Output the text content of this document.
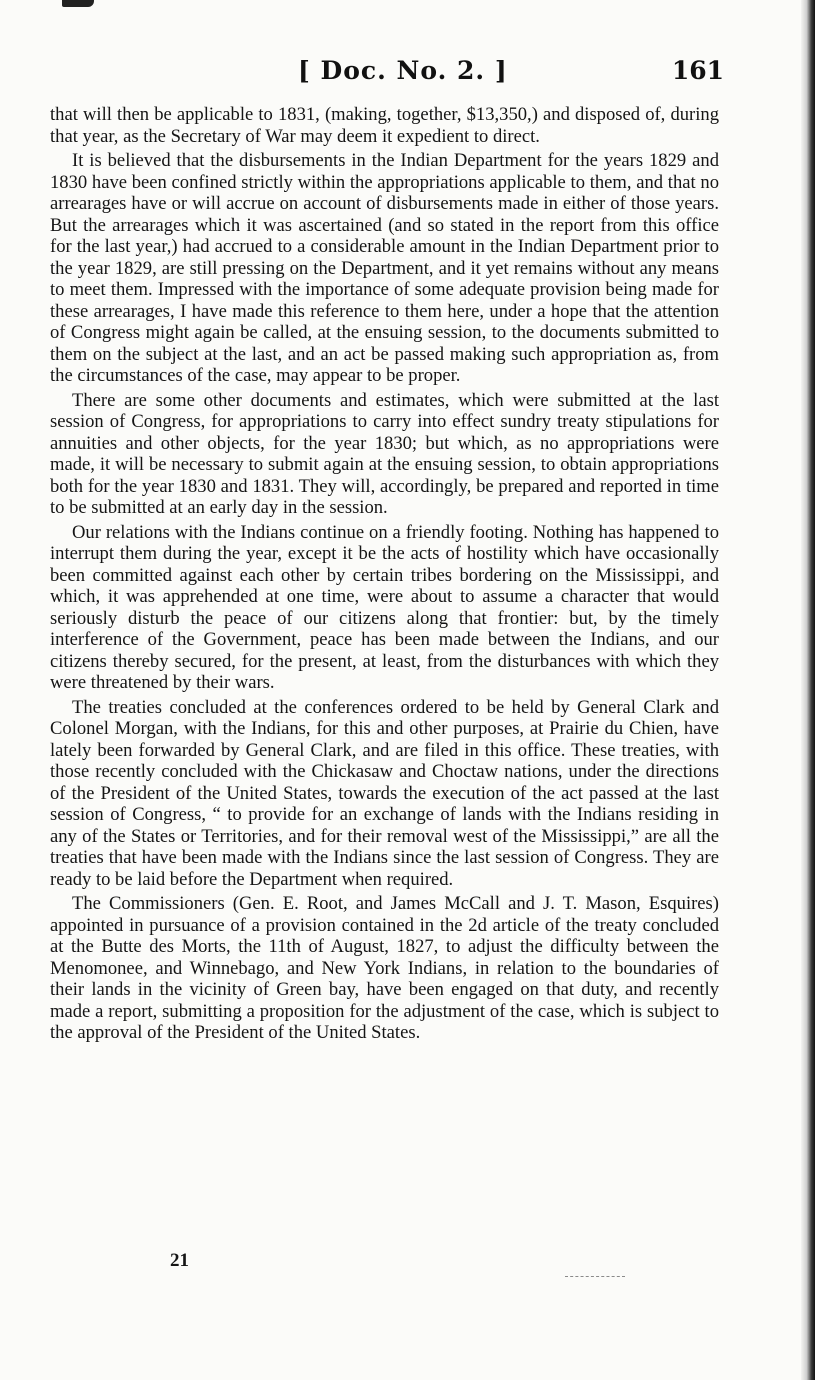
[ Doc. No. 2. ]	161

that will then be applicable to 1831, (making, together, $13,350,) and disposed of, during that year, as the Secretary of War may deem it expedient to direct.

It is believed that the disbursements in the Indian Department for the years 1829 and 1830 have been confined strictly within the appropriations applicable to them, and that no arrearages have or will accrue on account of disbursements made in either of those years. But the arrearages which it was ascertained (and so stated in the report from this office for the last year,) had accrued to a considerable amount in the Indian Department prior to the year 1829, are still pressing on the Department, and it yet remains without any means to meet them. Impressed with the importance of some adequate provision being made for these arrearages, I have made this reference to them here, under a hope that the attention of Congress might again be called, at the ensuing session, to the documents submitted to them on the subject at the last, and an act be passed making such appropriation as, from the circumstances of the case, may appear to be proper.

There are some other documents and estimates, which were submitted at the last session of Congress, for appropriations to carry into effect sundry treaty stipulations for annuities and other objects, for the year 1830; but which, as no appropriations were made, it will be necessary to submit again at the ensuing session, to obtain appropriations both for the year 1830 and 1831. They will, accordingly, be prepared and reported in time to be submitted at an early day in the session.

Our relations with the Indians continue on a friendly footing. Nothing has happened to interrupt them during the year, except it be the acts of hostility which have occasionally been committed against each other by certain tribes bordering on the Mississippi, and which, it was apprehended at one time, were about to assume a character that would seriously disturb the peace of our citizens along that frontier: but, by the timely interference of the Government, peace has been made between the Indians, and our citizens thereby secured, for the present, at least, from the disturbances with which they were threatened by their wars.

The treaties concluded at the conferences ordered to be held by General Clark and Colonel Morgan, with the Indians, for this and other purposes, at Prairie du Chien, have lately been forwarded by General Clark, and are filed in this office. These treaties, with those recently concluded with the Chickasaw and Choctaw nations, under the directions of the President of the United States, towards the execution of the act passed at the last session of Congress, “ to provide for an exchange of lands with the Indians residing in any of the States or Territories, and for their removal west of the Mississippi,” are all the treaties that have been made with the Indians since the last session of Congress. They are ready to be laid before the Department when required.

The Commissioners (Gen. E. Root, and James McCall and J. T. Mason, Esquires) appointed in pursuance of a provision contained in the 2d article of the treaty concluded at the Butte des Morts, the 11th of August, 1827, to adjust the difficulty between the Menomonee, and Winnebago, and New York Indians, in relation to the boundaries of their lands in the vicinity of Green bay, have been engaged on that duty, and recently made a report, submitting a proposition for the adjustment of the case, which is subject to the approval of the President of the United States.

21
